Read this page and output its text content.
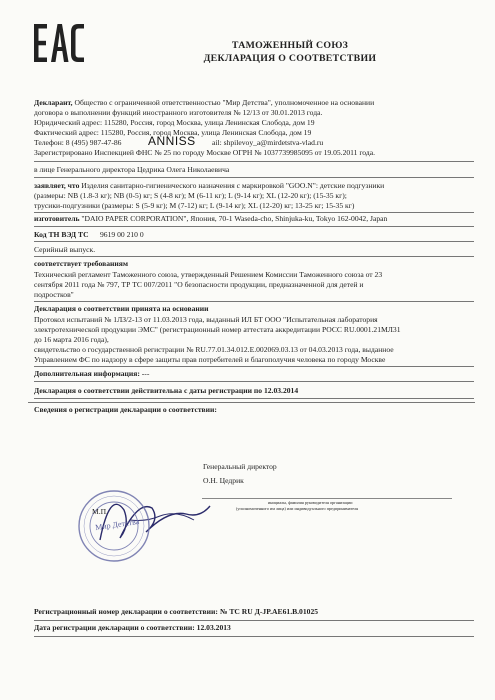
ТАМОЖЕННЫЙ СОЮЗ
ДЕКЛАРАЦИЯ О СООТВЕТСТВИИ
Декларант, Общество с ограниченной ответственностью "Мир Детства", уполномоченное на основании
договора о выполнении функций иностранного изготовителя № 12/13 от 30.01.2013 года.
Юридический адрес: 115280, Россия, город Москва, улица Ленинская Слобода, дом 19
Фактический адрес: 115280, Россия, город Москва, улица Ленинская Слобода, дом 19
Телефон: 8 (495) 987-47-86	ail: shpilevoy_a@mirdetstva-vlad.ru
ANNISS
Зарегистрировано Инспекцией ФНС № 25 по городу Москве ОГРН № 1037739985095 от 19.05.2011 года.
в лице Генерального директора Цедрика Олега Николаевича
заявляет, что Изделия санитарно-гигиенического назначения с маркировкой "GOO.N": детские подгузники
(размеры: NB (1.8-3 кг); NB (0-5) кг; S (4-8 кг); M (6-11 кг); L (9-14 кг); XL (12-20 кг); (15-35 кг);
трусики-подгузники (размеры: S (5-9 кг); M (7-12) кг; L (9-14 кг); XL (12-20) кг; 13-25 кг; 15-35 кг)
изготовитель "DAIO PAPER CORPORATION", Япония, 70-1 Waseda-cho, Shinjuka-ku, Tokyo 162-0042, Japan
Код ТН ВЭД ТС 9619 00 210 0
Серийный выпуск.
соответствует требованиям
Технический регламент Таможенного союза, утвержденный Решением Комиссии Таможенного союза от 23
сентября 2011 года № 797, ТР ТС 007/2011 "О безопасности продукции, предназначенной для детей и
подростков"
Декларация о соответствии принята на основании
Протокол испытаний № 1ЛЗ/2-13 от 11.03.2013 года, выданный ИЛ БТ ООО "Испытательная лаборатория
электротехнической продукции ЭМС" (регистрационный номер аттестата аккредитации РОСС RU.0001.21МЛ31
до 16 марта 2016 года),
свидетельство о государственной регистрации № RU.77.01.34.012.E.002069.03.13 от 04.03.2013 года, выданное
Управлением ФС по надзору в сфере защиты прав потребителей и благополучия человека по городу Москве
Дополнительная информация: ---
Декларация о соответствии действительна с даты регистрации по 12.03.2014
Сведения о регистрации декларации о соответствии:
Мир Детства
Генеральный директор
О.Н. Цедрик
инициалы, фамилия руководителя организации
(уполномоченного им лица) или индивидуального предпринимателя
М.П.
Регистрационный номер декларации о соответствии: № ТС RU Д-JP.AE61.B.01025
Дата регистрации декларации о соответствии: 12.03.2013
